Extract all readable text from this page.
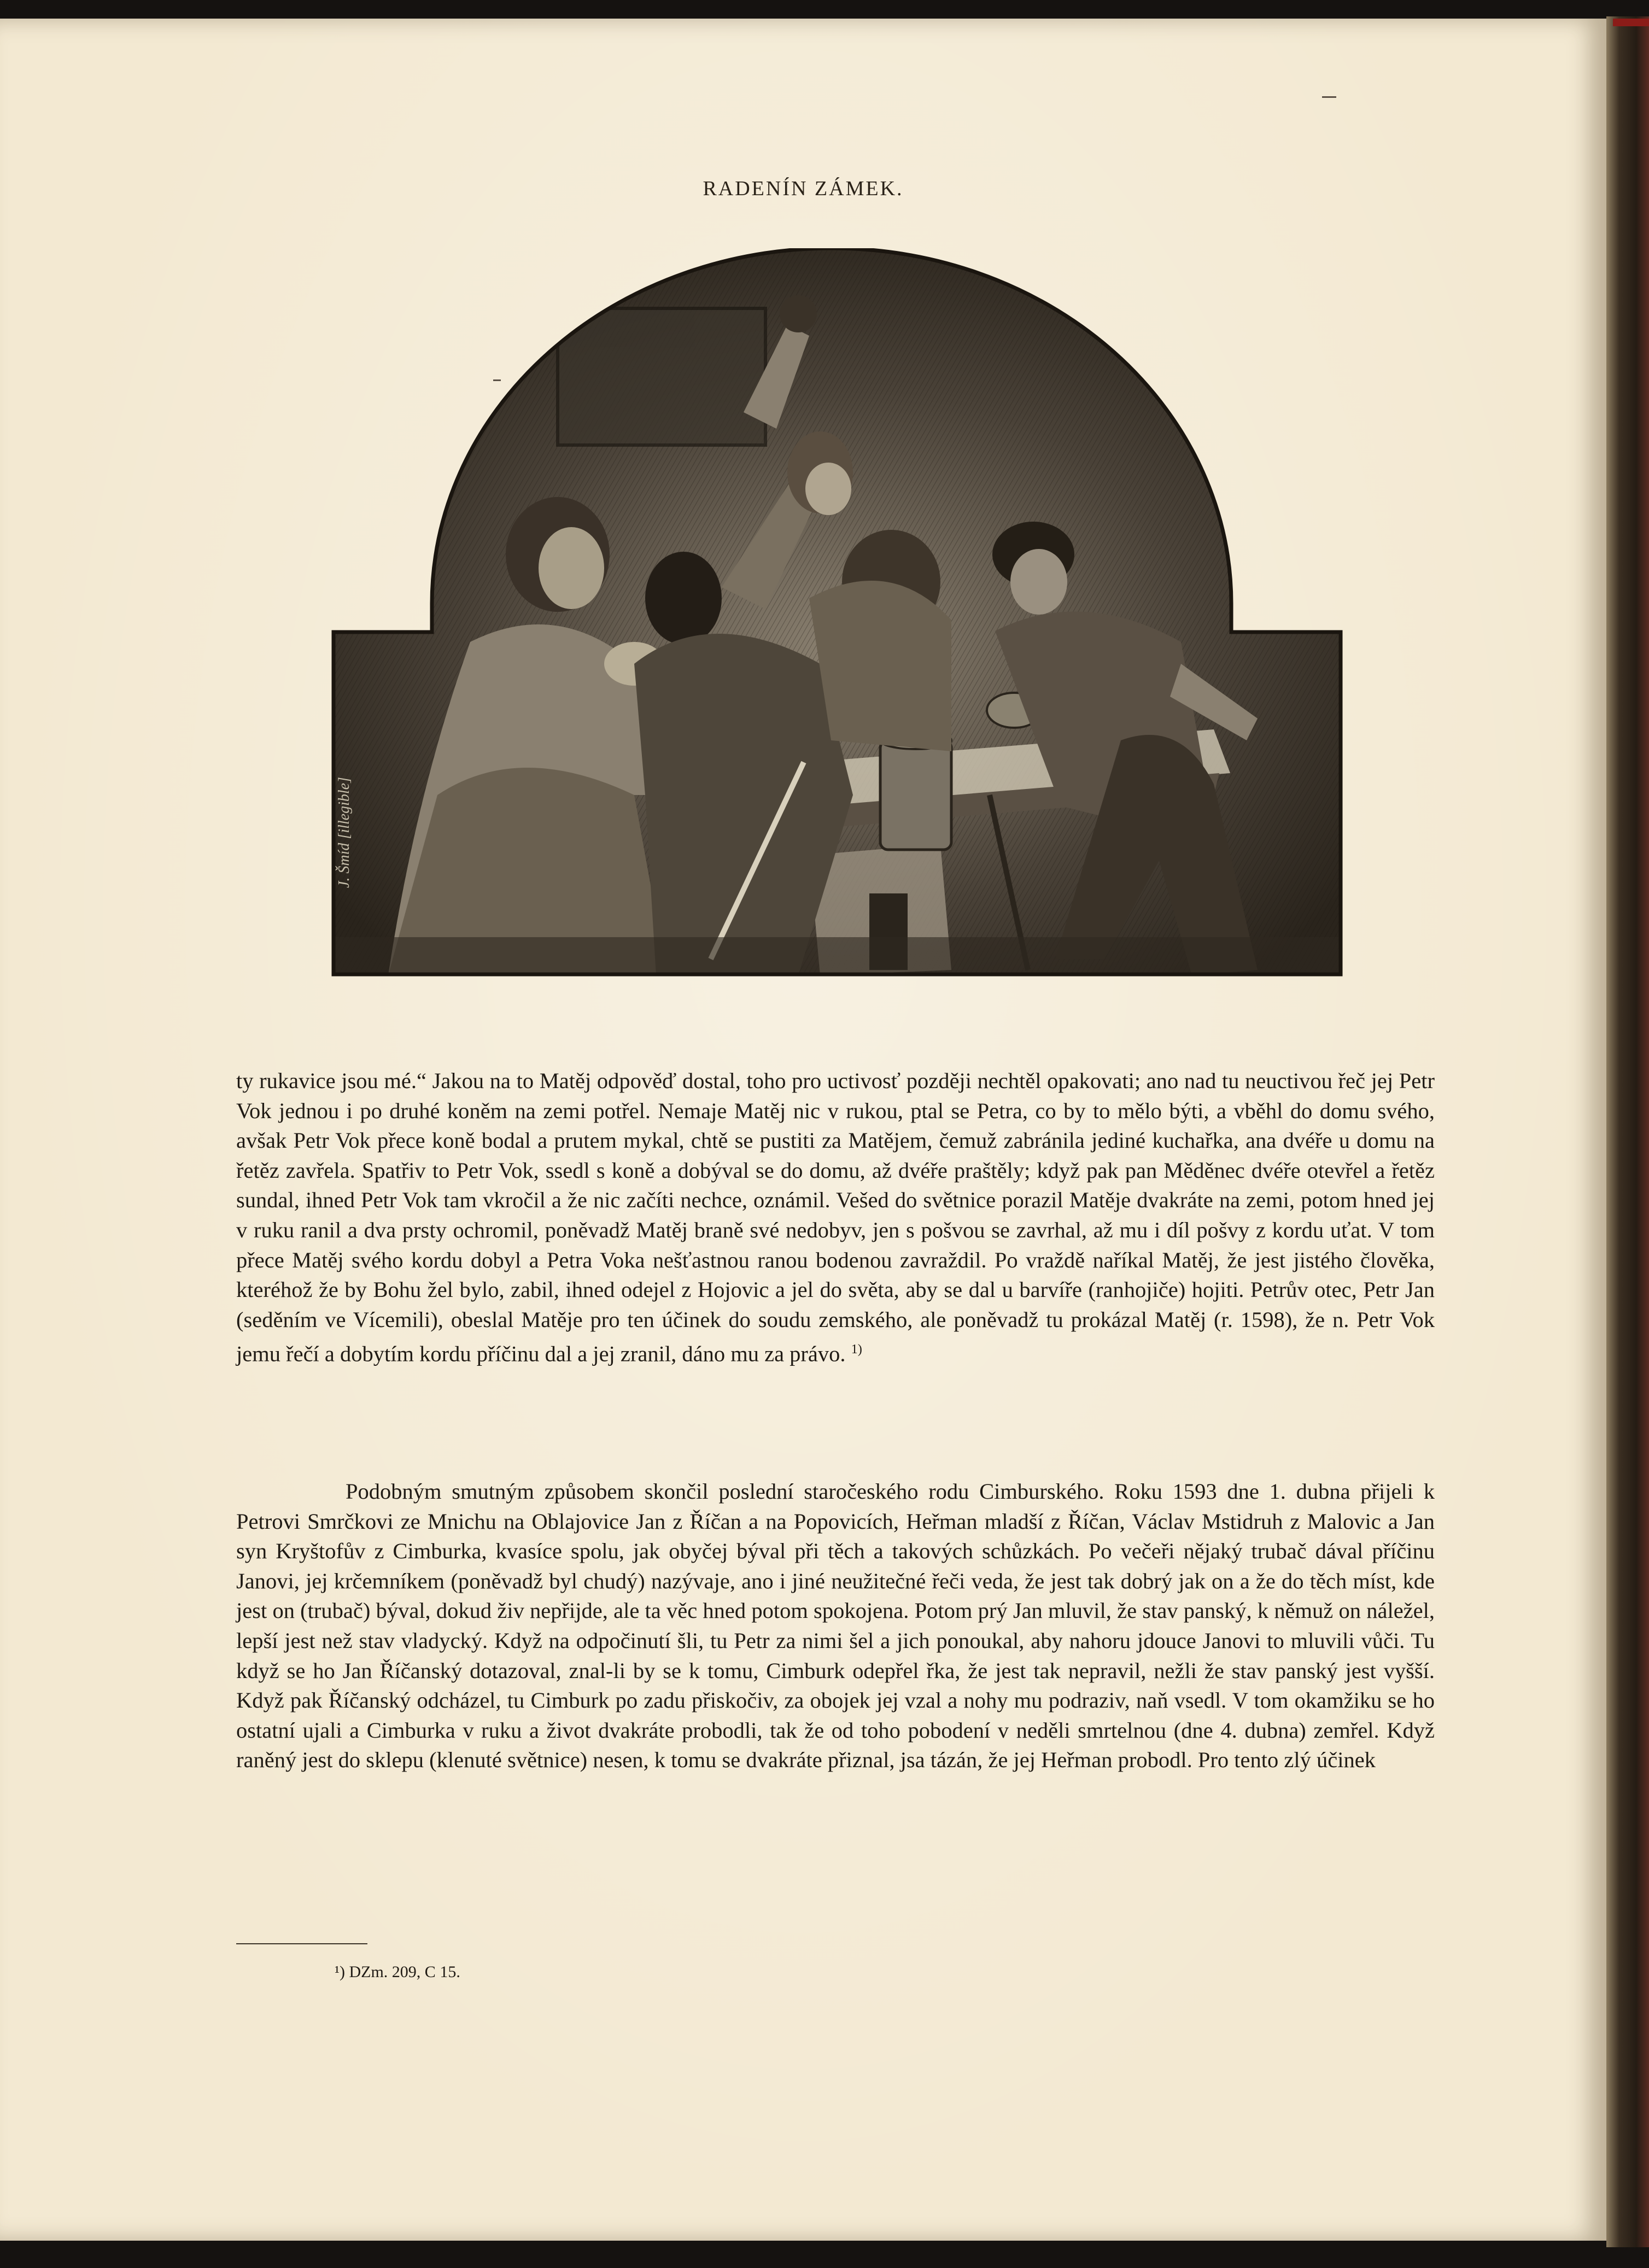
RADENÍN ZÁMEK.
J. Šmíd [illegible]

ty rukavice jsou mé.“ Jakou na to Matěj odpověď dostal, toho pro uctivosť později nechtěl opakovati; ano nad tu neuctivou řeč jej Petr Vok jednou i po druhé koněm na zemi potřel. Nemaje Matěj nic v rukou, ptal se Petra, co by to mělo býti, a vběhl do domu svého, avšak Petr Vok přece koně bodal a prutem mykal, chtě se pustiti za Matějem, čemuž zabránila jediné kuchařka, ana dvéře u domu na řetěz zavřela. Spatřiv to Petr Vok, ssedl s koně a dobýval se do domu, až dvéře praštěly; když pak pan Měděnec dvéře otevřel a řetěz sundal, ihned Petr Vok tam vkročil a že nic začíti nechce, oznámil. Vešed do světnice porazil Matěje dvakráte na zemi, potom hned jej v ruku ranil a dva prsty ochromil, poněvadž Matěj braně své nedobyv, jen s pošvou se zavrhal, až mu i díl pošvy z kordu uťat. V tom přece Matěj svého kordu dobyl a Petra Voka nešťastnou ranou bodenou zavraždil. Po vraždě naříkal Matěj, že jest jistého člověka, kteréhož že by Bohu žel bylo, zabil, ihned odejel z Hojovic a jel do světa, aby se dal u barvíře (ranhojiče) hojiti. Petrův otec, Petr Jan (seděním ve Vícemili), obeslal Matěje pro ten účinek do soudu zemského, ale poněvadž tu prokázal Matěj (r. 1598), že n. Petr Vok jemu řečí a dobytím kordu příčinu dal a jej zranil, dáno mu za právo. $^{1)}$

Podobným smutným způsobem skončil poslední staročeského rodu Cimburského. Roku 1593 dne 1. dubna přijeli k Petrovi Smrčkovi ze Mnichu na Oblajovice Jan z Říčan a na Popovicích, Heřman mladší z Říčan, Václav Mstidruh z Malovic a Jan syn Kryštofův z Cimburka, kvasíce spolu, jak obyčej býval při těch a takových schůzkách. Po večeři nějaký trubač dával příčinu Janovi, jej krčemníkem (poněvadž byl chudý) nazývaje, ano i jiné neužitečné řeči veda, že jest tak dobrý jak on a že do těch míst, kde jest on (trubač) býval, dokud živ nepřijde, ale ta věc hned potom spokojena. Potom prý Jan mluvil, že stav panský, k němuž on náležel, lepší jest než stav vladycký. Když na odpočinutí šli, tu Petr za nimi šel a jich ponoukal, aby nahoru jdouce Janovi to mluvili vůči. Tu když se ho Jan Říčanský dotazoval, znal-li by se k tomu, Cimburk odepřel řka, že jest tak nepravil, nežli že stav panský jest vyšší. Když pak Říčanský odcházel, tu Cimburk po zadu přiskočiv, za obojek jej vzal a nohy mu podraziv, naň vsedl. V tom okamžiku se ho ostatní ujali a Cimburka v ruku a život dvakráte probodli, tak že od toho pobodení v neděli smrtelnou (dne 4. dubna) zemřel. Když raněný jest do sklepu (klenuté světnice) nesen, k tomu se dvakráte přiznal, jsa tázán, že jej Heřman probodl. Pro tento zlý účinek

¹) DZm. 209, C 15.
